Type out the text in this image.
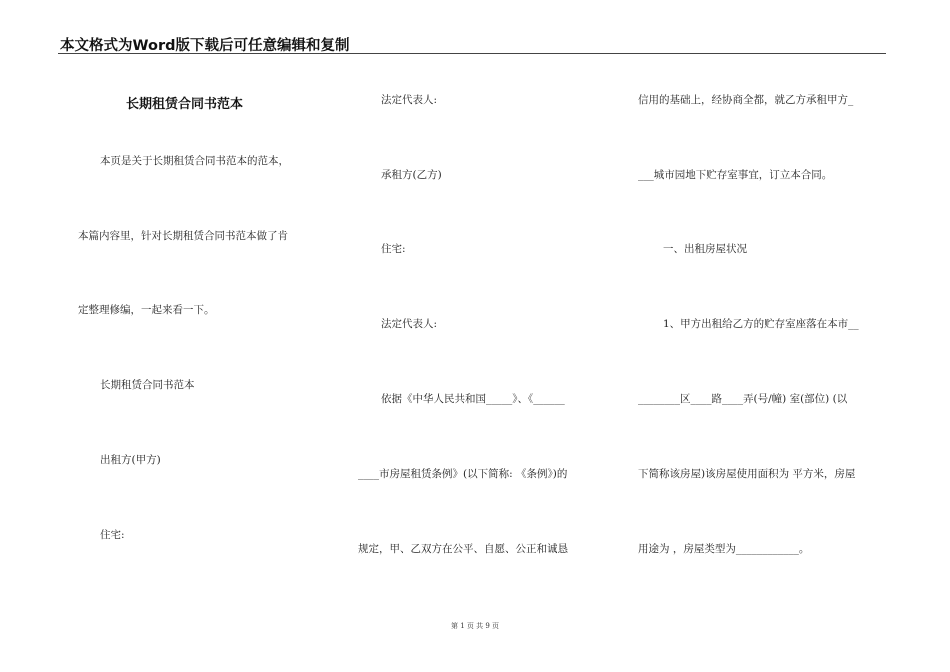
本文格式为Word版下载后可任意编辑和复制
长期租赁合同书范本
本页是关于长期租赁合同书范本的范本，
本篇内容里，针对长期租赁合同书范本做了肯
定整理修编，一起来看一下。
长期租赁合同书范本
出租方(甲方)
住宅:
法定代表人:
承租方(乙方)
住宅:
法定代表人:
依据《中华人民共和国_____》、《______
____市房屋租赁条例》(以下简称: 《条例》)的
规定，甲、乙双方在公平、自愿、公正和诚恳
信用的基础上，经协商全都，就乙方承租甲方_
___城市园地下贮存室事宜，订立本合同。
一、出租房屋状况
1、甲方出租给乙方的贮存室座落在本市__
________区____路____弄(号/幢) 室(部位) (以
下简称该房屋)该房屋使用面积为 平方米，房屋
用途为 ，房屋类型为____________。
第 1 页 共 9 页
